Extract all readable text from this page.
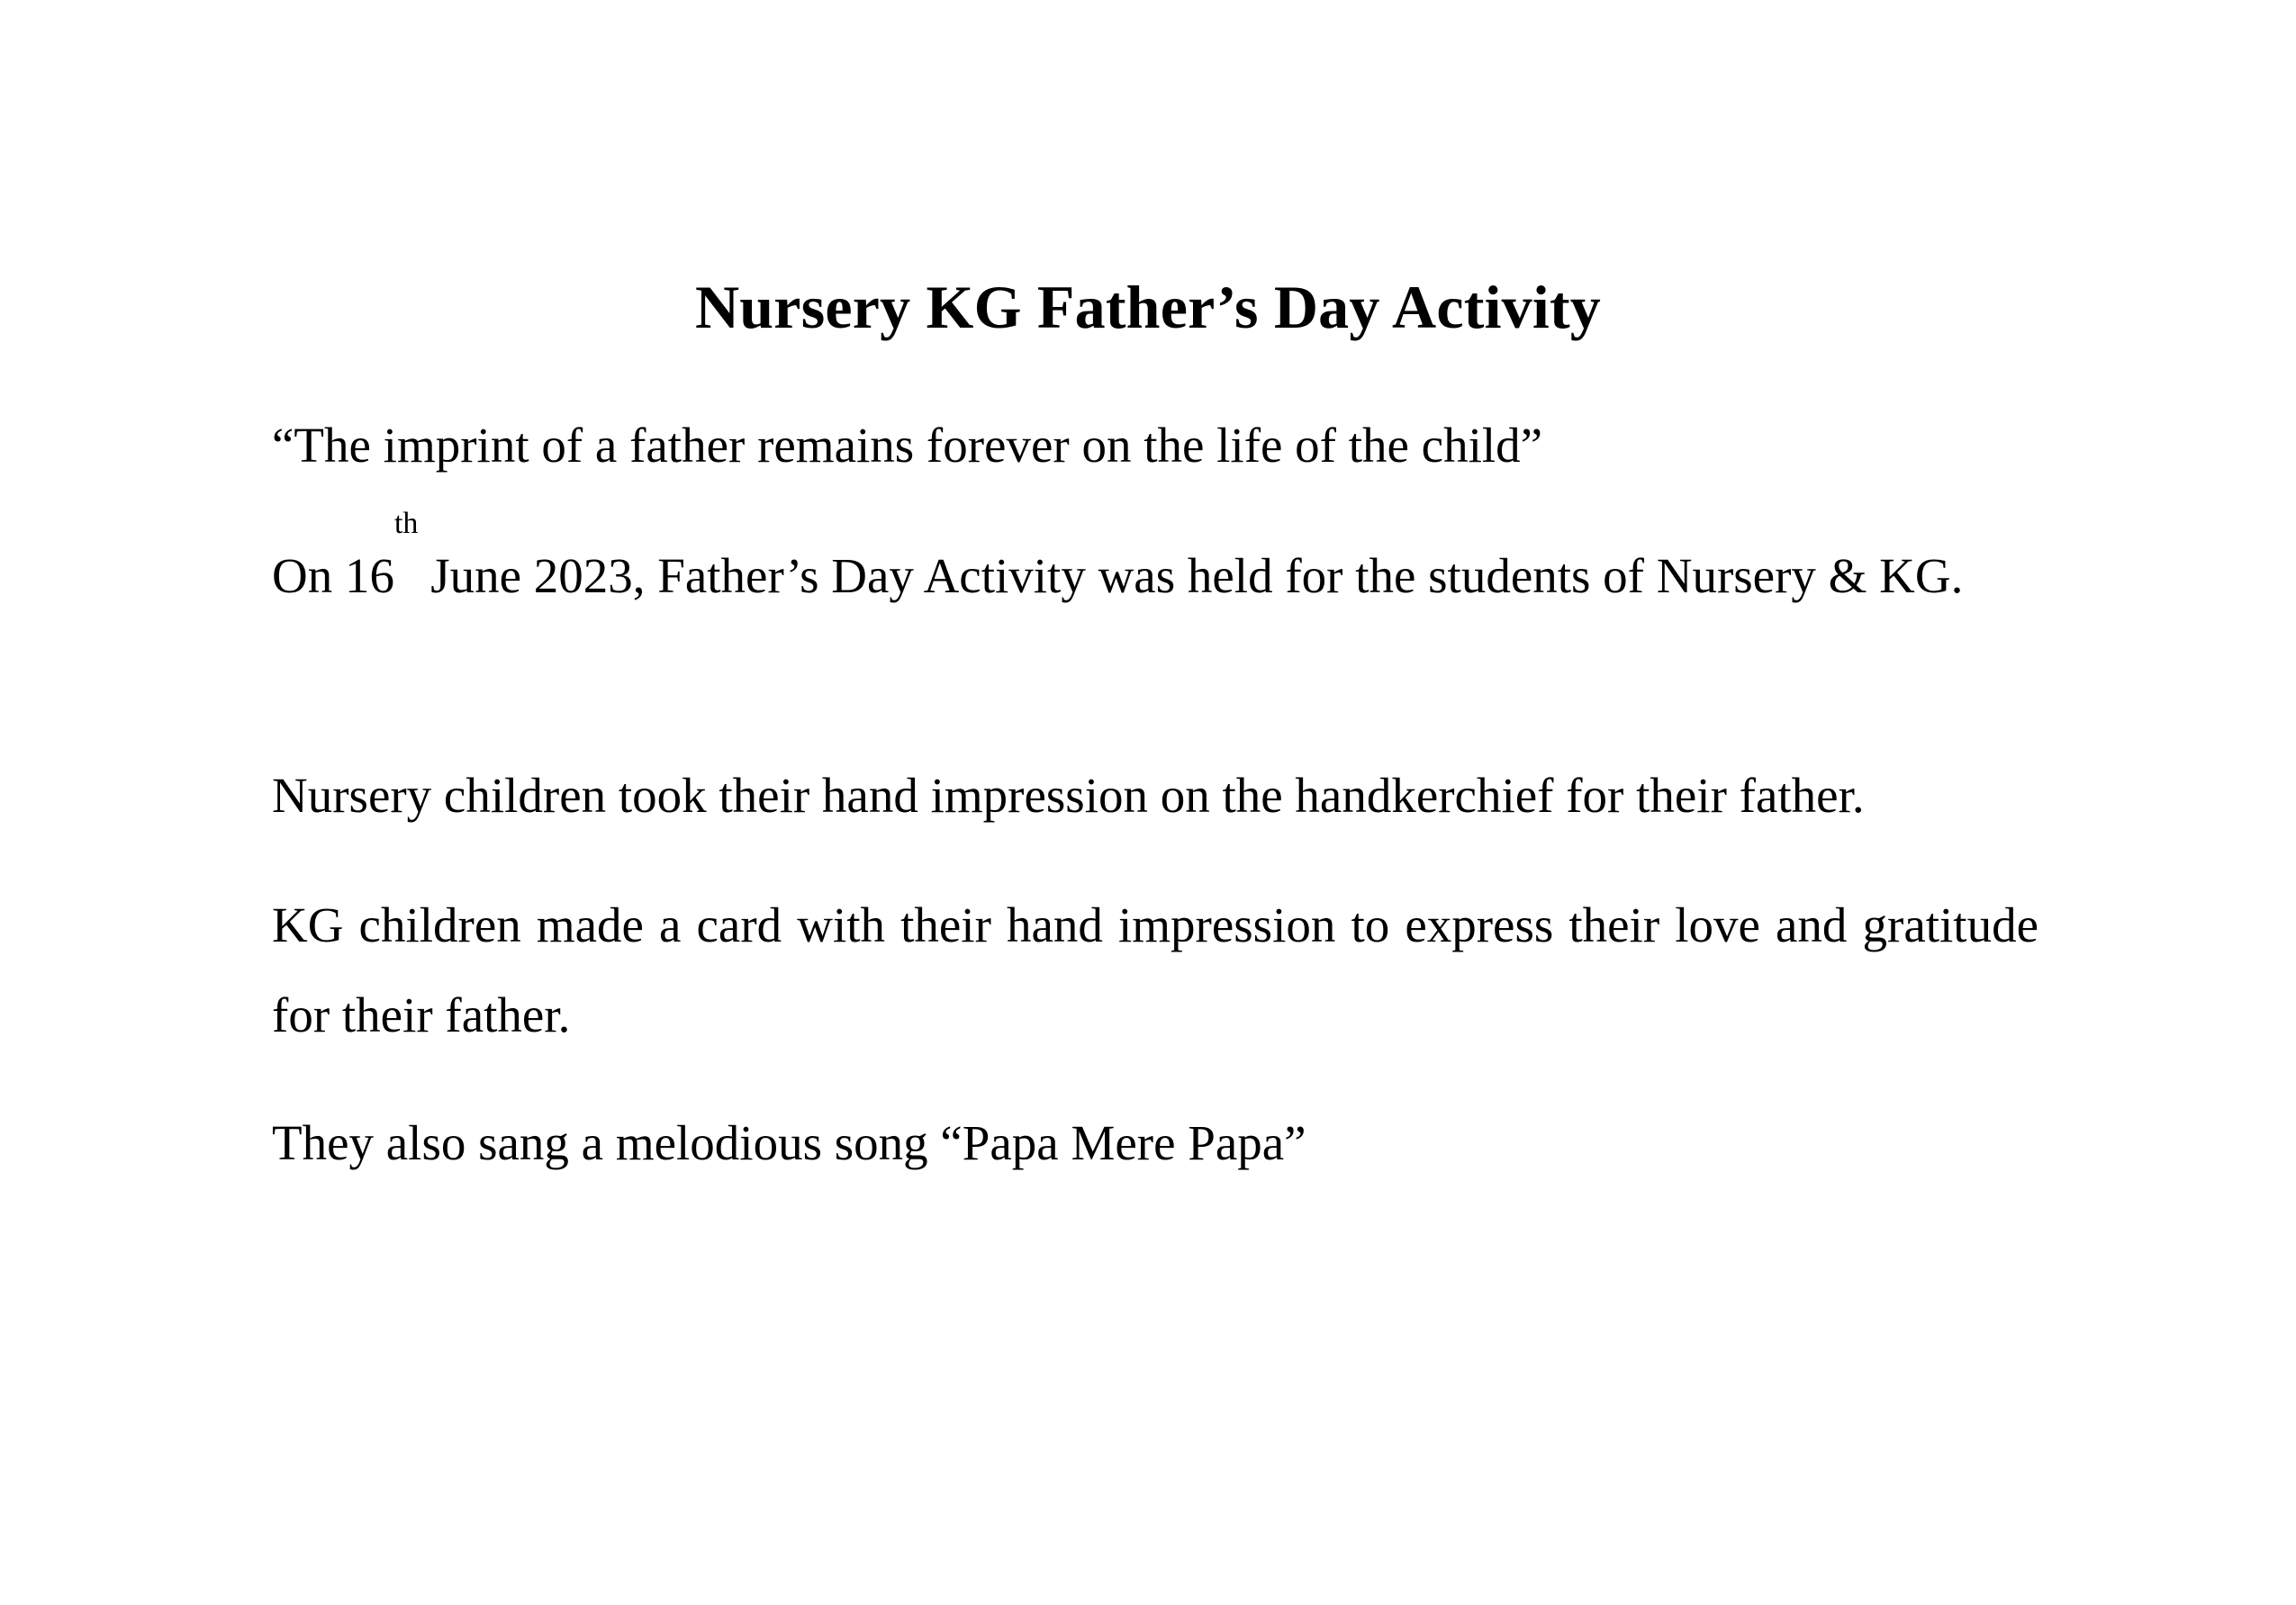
Nursery KG Father’s Day Activity

“The imprint of a father remains forever on the life of the child”

On 16th June 2023, Father’s Day Activity was held for the students of Nursery & KG.

Nursery children took their hand impression on the handkerchief for their father.

KG children made a card with their hand impression to express their love and gratitude for their father.

They also sang a melodious song “Papa Mere Papa”
